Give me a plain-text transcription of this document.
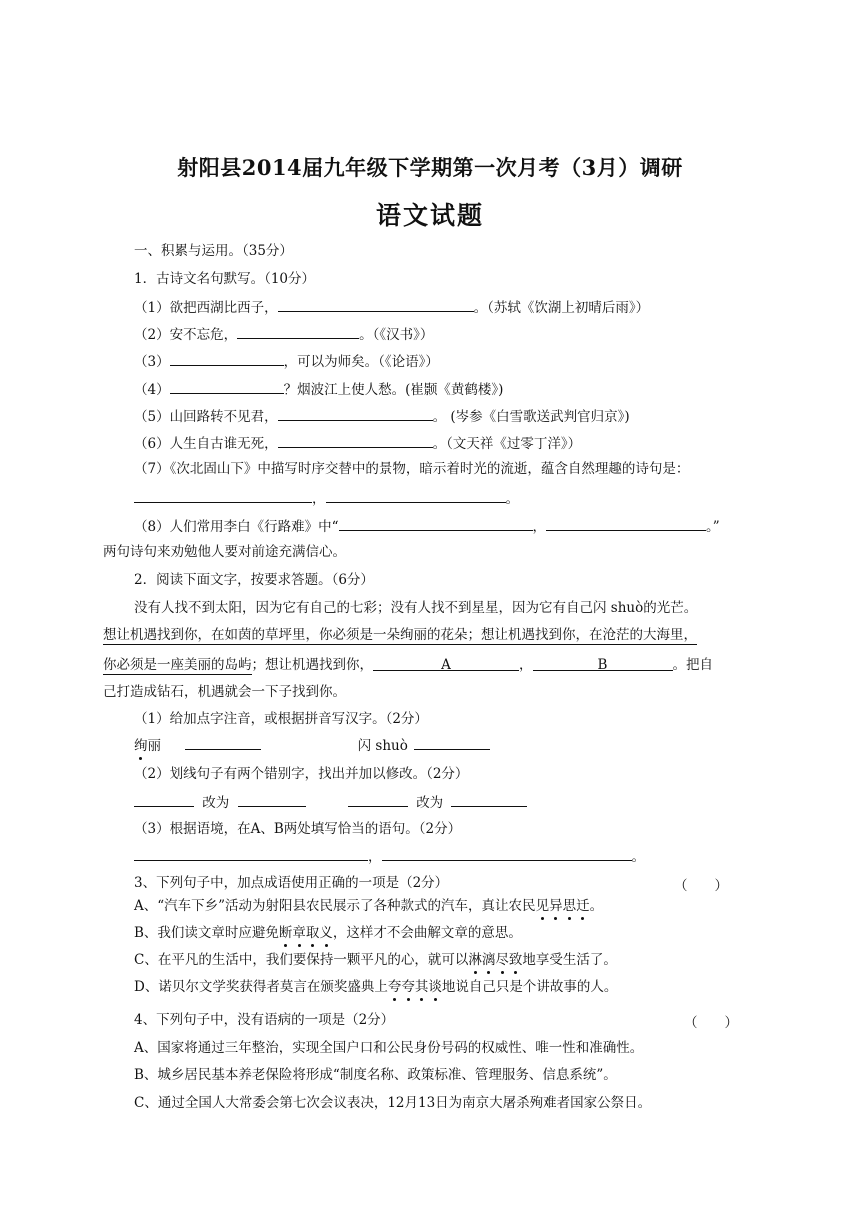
射阳县2014届九年级下学期第一次月考（3月）调研
语文试题
一、积累与运用。（35分）
1．古诗文名句默写。（10分）
（1）欲把西湖比西子，	。（苏轼《饮湖上初晴后雨》）
（2）安不忘危，	。（《汉书》）
（3）	，可以为师矣。（《论语》）
（4）	？烟波江上使人愁。(崔颢《黄鹤楼》)
（5）山回路转不见君，	。 (岑参《白雪歌送武判官归京》)
（6）人生自古谁无死，	。（文天祥《过零丁洋》）
（7）《次北固山下》中描写时序交替中的景物，暗示着时光的流逝，蕴含自然理趣的诗句是：
，	。
（8）人们常用李白《行路难》中“	，	。”
两句诗句来劝勉他人要对前途充满信心。
2．阅读下面文字，按要求答题。（6分）
没有人找不到太阳，因为它有自己的七彩；没有人找不到星星，因为它有自己闪 shuò的光芒。
想让机遇找到你，在如茵的草坪里，你必须是一朵绚丽的花朵；想让机遇找到你，在沧茫的大海里，
你必须是一座美丽的岛屿；想让机遇找到你，	A	，	B	。把自
己打造成钻石，机遇就会一下子找到你。
（1）给加点字注音，或根据拼音写汉字。（2分）
绚丽	闪 shuò
（2）划线句子有两个错别字，找出并加以修改。（2分）
改为	改为
（3）根据语境，在A、B两处填写恰当的语句。（2分）
，	。
3、下列句子中，加点成语使用正确的一项是（2分）	（　　）
A、“汽车下乡”活动为射阳县农民展示了各种款式的汽车，真让农民见异思迁。
B、我们读文章时应避免断章取义，这样才不会曲解文章的意思。
C、在平凡的生活中，我们要保持一颗平凡的心，就可以淋漓尽致地享受生活了。
D、诺贝尔文学奖获得者莫言在颁奖盛典上夸夸其谈地说自己只是个讲故事的人。
4、下列句子中，没有语病的一项是（2分）	（　　）
A、国家将通过三年整治，实现全国户口和公民身份号码的权威性、唯一性和准确性。
B、城乡居民基本养老保险将形成“制度名称、政策标准、管理服务、信息系统”。
C、通过全国人大常委会第七次会议表决，12月13日为南京大屠杀殉难者国家公祭日。
